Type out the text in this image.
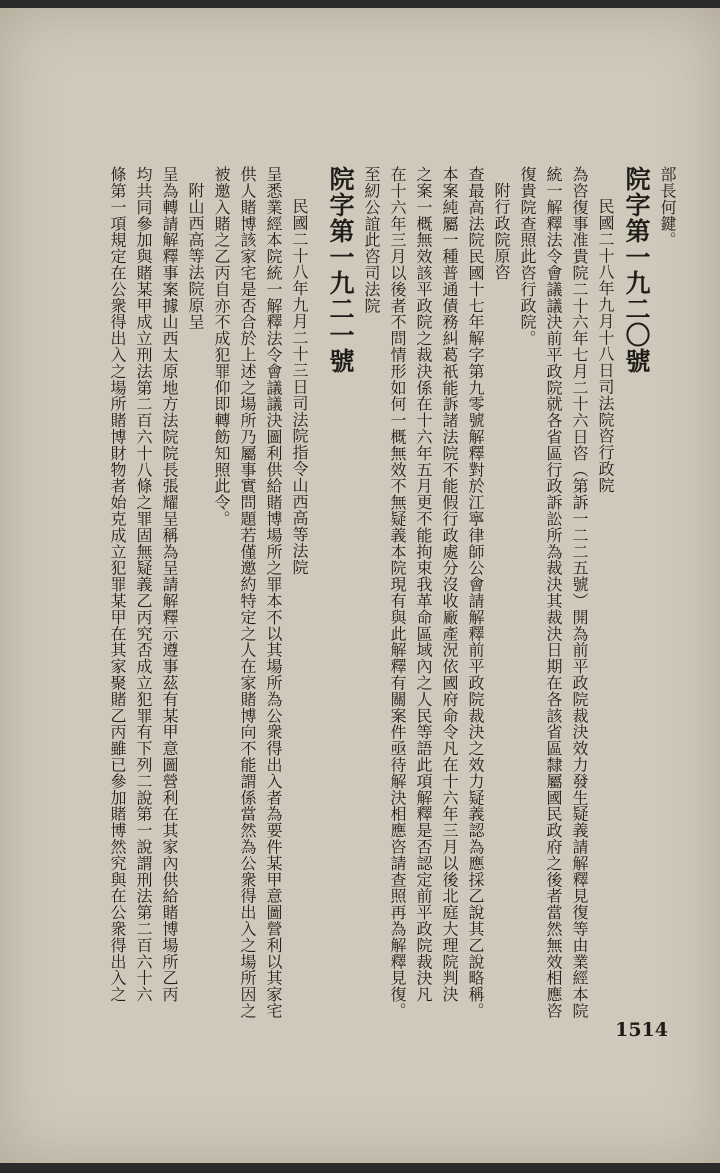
部長何鍵。

院字第一九二〇號

民國二十八年九月十八日司法院咨行政院

為咨復事准貴院二十六年七月二十六日咨（第訴一二二五號）開為前平政院裁決效力發生疑義請解釋見復等由業經本院

統一解釋法令會議議決前平政院就各省區行政訴訟所為裁決其裁決日期在各該省區隸屬國民政府之後者當然無效相應咨

復貴院查照此咨行政院。

附行政院原咨

查最高法院民國十七年解字第九零號解釋對於江寧律師公會請解釋前平政院裁決之效力疑義認為應採乙說其乙說略稱。

本案純屬一種普通債務糾葛祇能訴諸法院不能假行政處分沒收廠產況依國府命令凡在十六年三月以後北庭大理院判決

之案一概無效該平政院之裁決係在十六年五月更不能拘束我革命區域內之人民等語此項解釋是否認定前平政院裁決凡

在十六年三月以後者不問情形如何一概無效不無疑義本院現有與此解釋有關案件亟待解決相應咨請查照再為解釋見復。

至紉公誼此咨司法院

院字第一九二一號

民國二十八年九月二十三日司法院指令山西高等法院

呈悉業經本院統一解釋法令會議議決圖利供給賭博場所之罪本不以其場所為公衆得出入者為要件某甲意圖營利以其家宅

供人賭博該家宅是否合於上述之場所乃屬事實問題若僅邀約特定之人在家賭博向不能謂係當然為公衆得出入之場所因之

被邀入賭之乙丙自亦不成犯罪仰即轉飭知照此令。

附山西高等法院原呈

呈為轉請解釋事案據山西太原地方法院院長張耀呈稱為呈請解釋示遵事茲有某甲意圖營利在其家內供給賭博場所乙丙

均共同參加與賭某甲成立刑法第二百六十八條之罪固無疑義乙丙究否成立犯罪有下列二說第一說謂刑法第二百六十六

條第一項規定在公衆得出入之場所賭博財物者始克成立犯罪某甲在其家聚賭乙丙雖已參加賭博然究與在公衆得出入之

1514
